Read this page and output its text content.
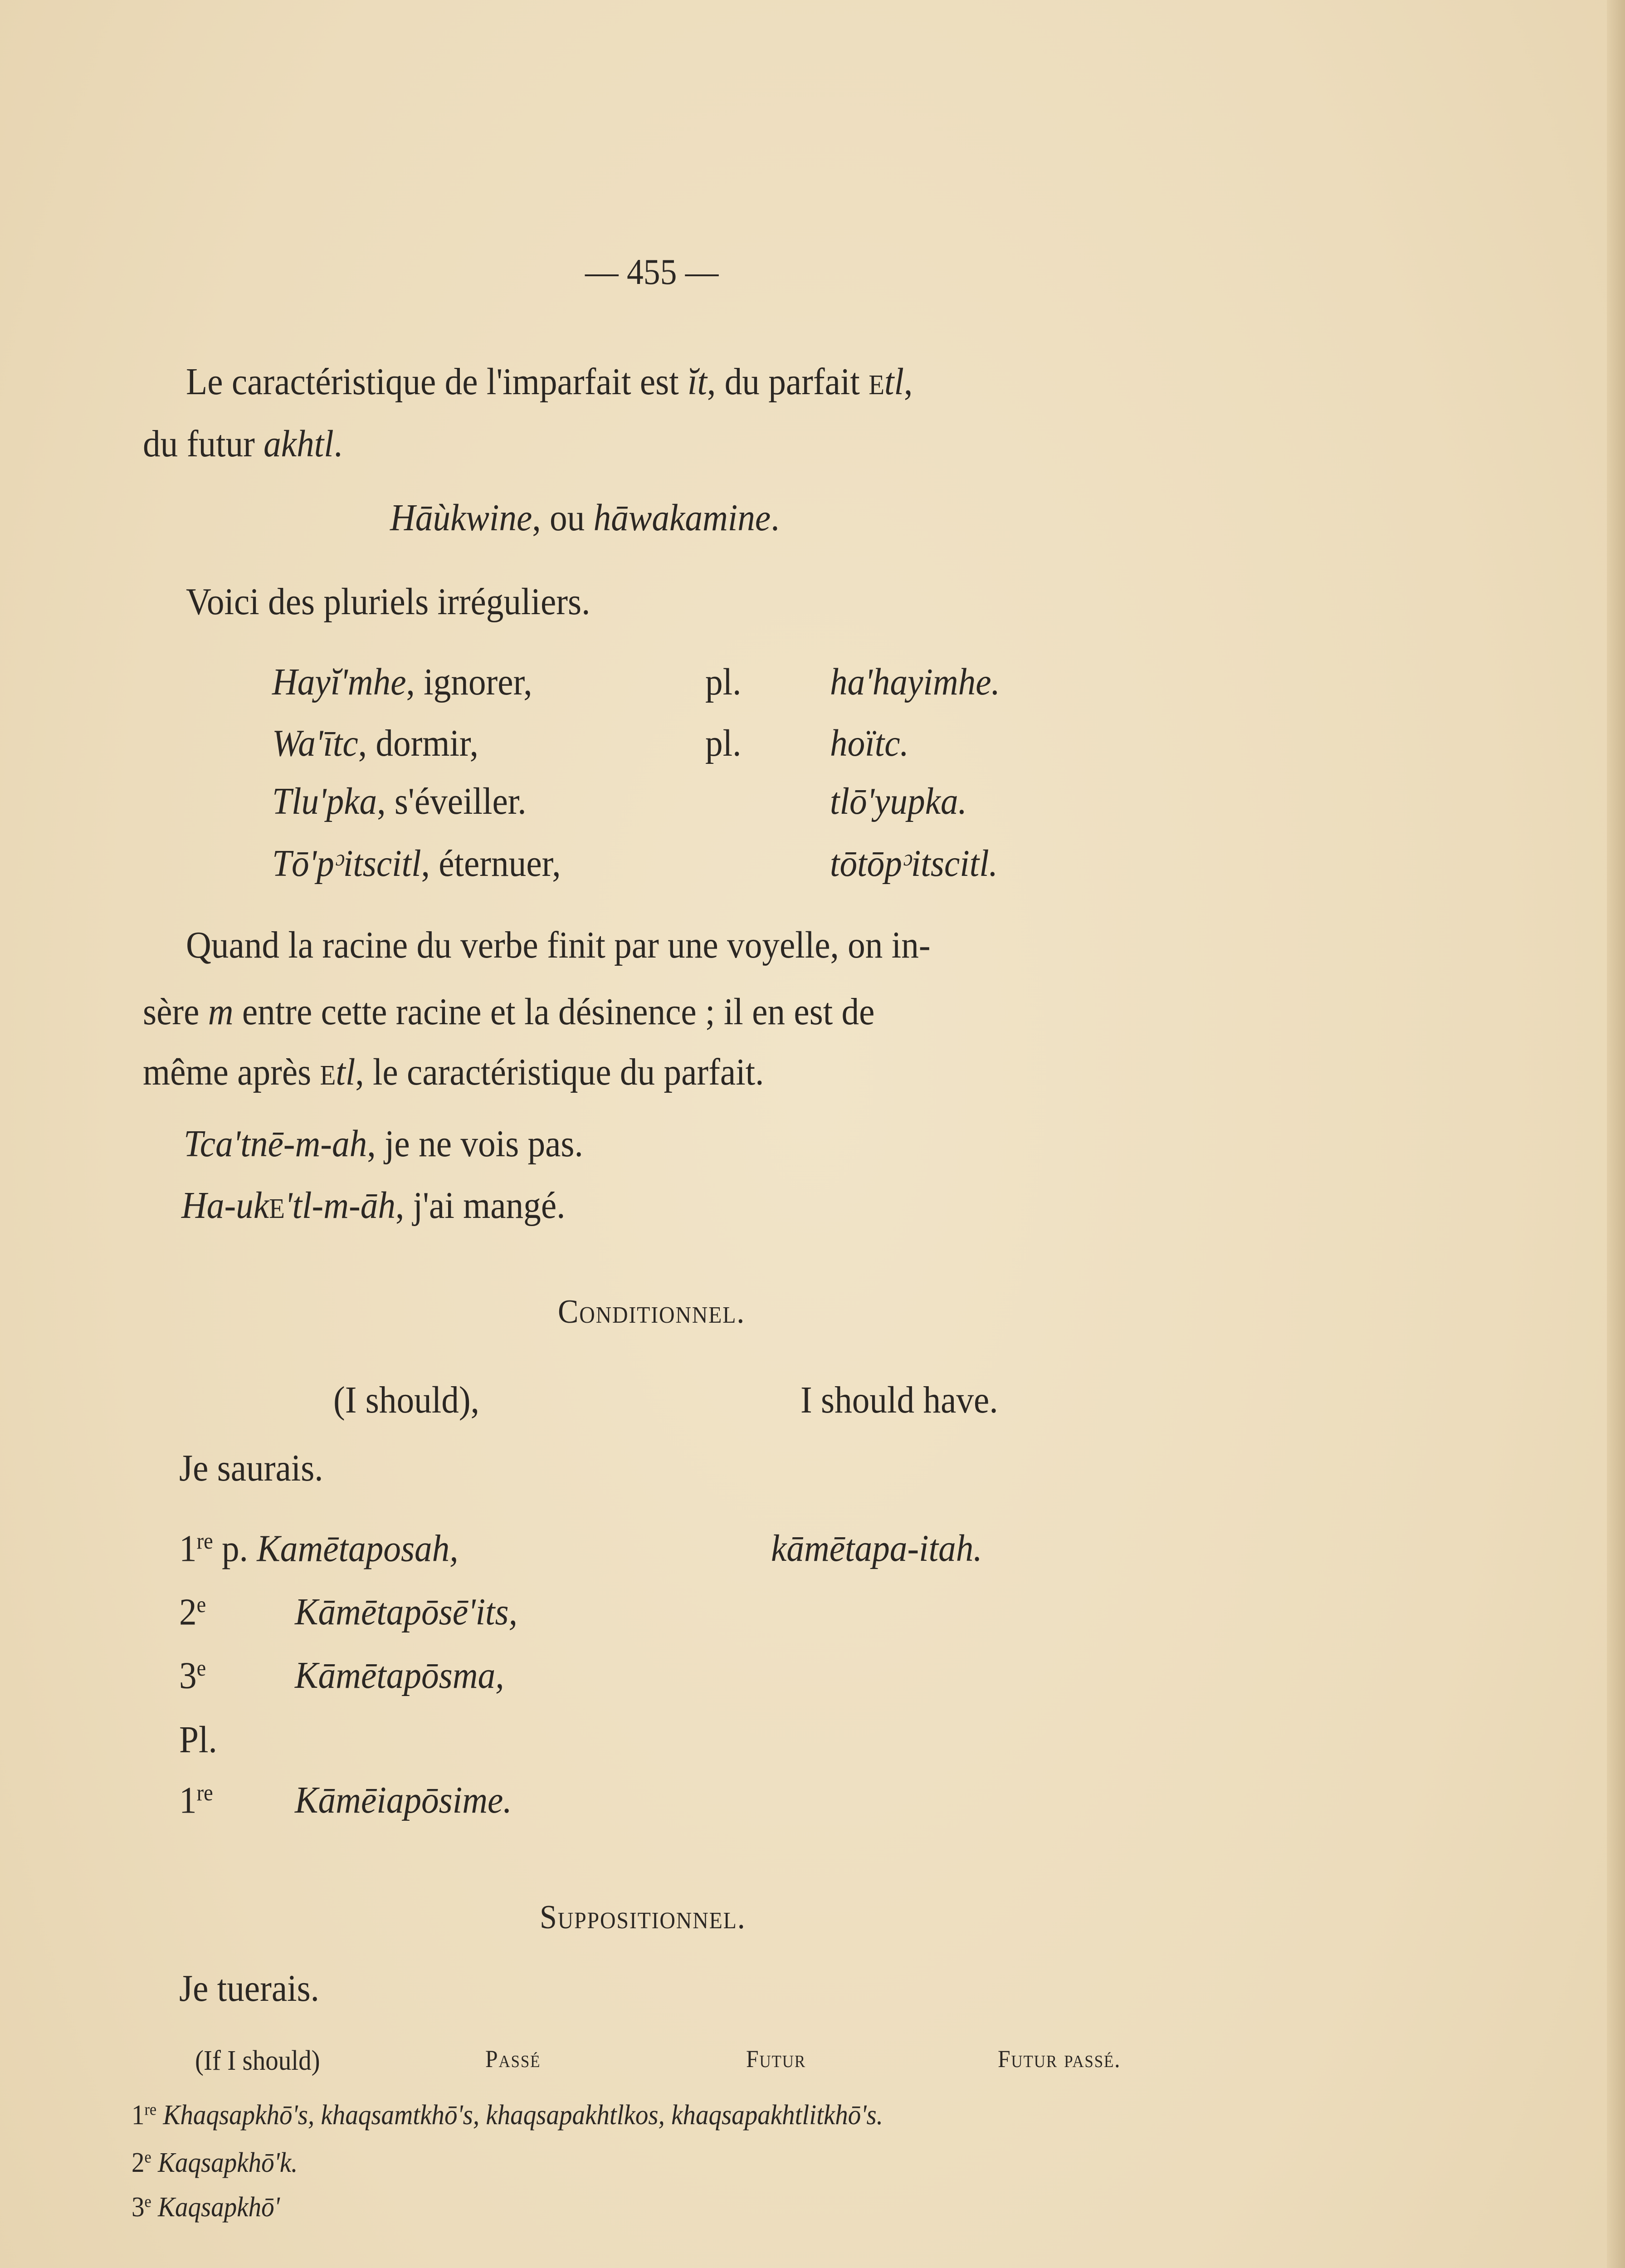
— 455 —
Le caractéristique de l'imparfait est ĭt, du parfait Etl,
du futur akhtl.
Hāùkwine, ou hāwakamine.
Voici des pluriels irréguliers.
Hayĭ'mhe, ignorer,	pl. ha'hayimhe.
Wa'ītc, dormir,	pl. hoïtc.
Tlu'pka, s'éveiller.	tlō'yupka.
Tō'pᵓitscitl, éternuer,	tōtōpᵓitscitl.
Quand la racine du verbe finit par une voyelle, on in-
sère m entre cette racine et la désinence ; il en est de
même après Etl, le caractéristique du parfait.
Tca'tnē-m-ah, je ne vois pas.
Ha-ukE'tl-m-āh, j'ai mangé.
Conditionnel.
(I should),	I should have.
Je saurais.
1re p. Kamētaposah,	kāmētapa-itah.
2e Kāmētapōsē'its,
3e Kāmētapōsma,
Pl.
1re Kāmēiapōsime.
Suppositionnel.
Je tuerais.
(If I should)	Passé	Futur	Futur passé.
1re Khaqsapkhō's, khaqsamtkhō's, khaqsapakhtlkos, khaqsapakhtlitkhō's.
2e Kaqsapkhō'k.
3e Kaqsapkhō'
